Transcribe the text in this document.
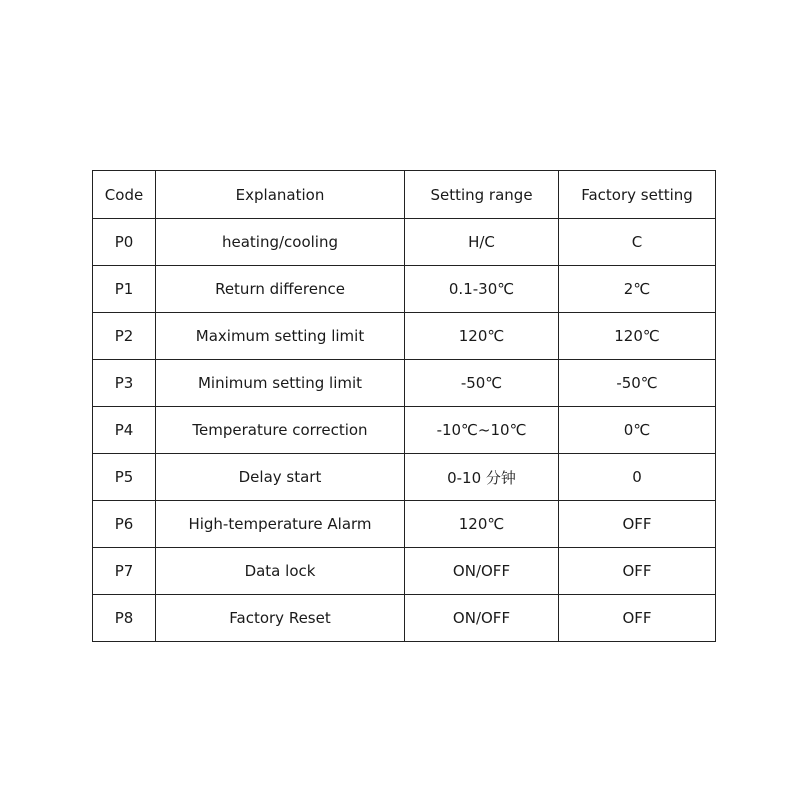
Code	Explanation	Setting range	Factory setting
P0	heating/cooling	H/C	C
P1	Return difference	0.1-30℃	2℃
P2	Maximum setting limit	120℃	120℃
P3	Minimum setting limit	-50℃	-50℃
P4	Temperature correction	-10℃~10℃	0℃
P5	Delay start	0-10 分钟	0
P6	High-temperature Alarm	120℃	OFF
P7	Data lock	ON/OFF	OFF
P8	Factory Reset	ON/OFF	OFF
